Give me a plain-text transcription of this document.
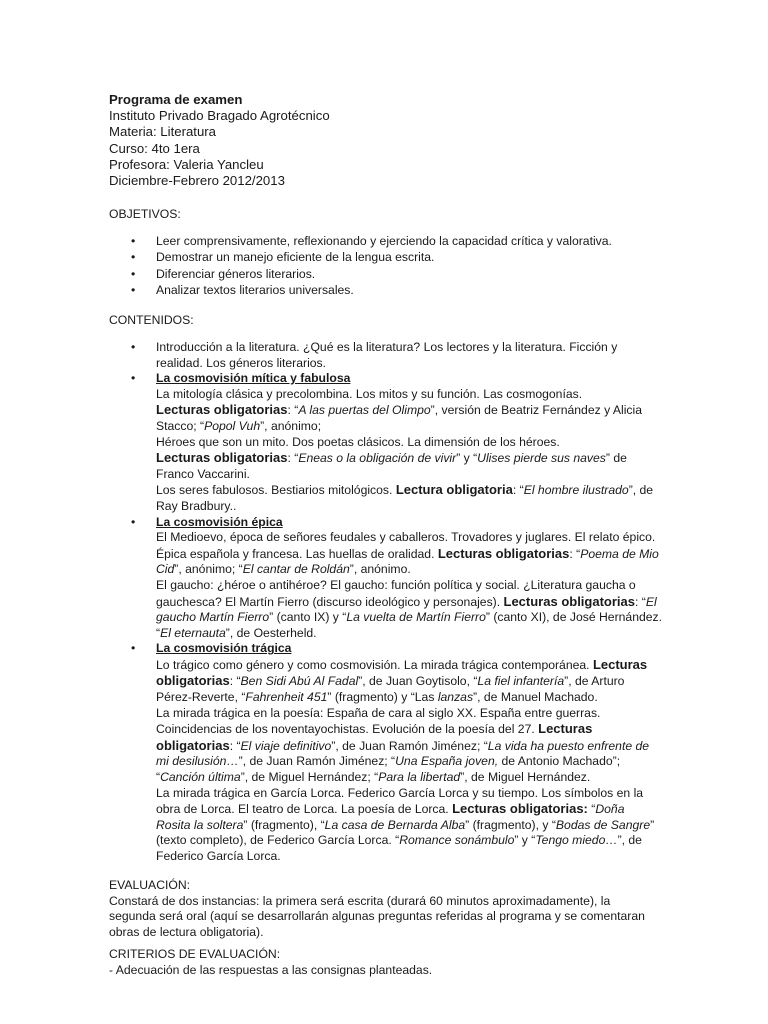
Programa de examen
Instituto Privado Bragado Agrotécnico
Materia: Literatura
Curso: 4to 1era
Profesora: Valeria Yancleu
Diciembre-Febrero 2012/2013
OBJETIVOS:
• Leer comprensivamente, reflexionando y ejerciendo la capacidad crítica y valorativa.
• Demostrar un manejo eficiente de la lengua escrita.
• Diferenciar géneros literarios.
• Analizar textos literarios universales.
CONTENIDOS:
• Introducción a la literatura. ¿Qué es la literatura? Los lectores y la literatura. Ficción y realidad. Los géneros literarios.
• La cosmovisión mítica y fabulosa
La mitología clásica y precolombina. Los mitos y su función. Las cosmogonías.
Lecturas obligatorias: “A las puertas del Olimpo”, versión de Beatriz Fernández y Alicia Stacco; “Popol Vuh”, anónimo;
Héroes que son un mito. Dos poetas clásicos. La dimensión de los héroes.
Lecturas obligatorias: “Eneas o la obligación de vivir” y “Ulises pierde sus naves” de Franco Vaccarini.
Los seres fabulosos. Bestiarios mitológicos. Lectura obligatoria: “El hombre ilustrado”, de Ray Bradbury..
• La cosmovisión épica
El Medioevo, época de señores feudales y caballeros. Trovadores y juglares. El relato épico. Épica española y francesa. Las huellas de oralidad. Lecturas obligatorias: “Poema de Mio Cid”, anónimo; “El cantar de Roldán”, anónimo.
El gaucho: ¿héroe o antihéroe? El gaucho: función política y social. ¿Literatura gaucha o gauchesca? El Martín Fierro (discurso ideológico y personajes). Lecturas obligatorias: “El gaucho Martín Fierro” (canto IX) y “La vuelta de Martín Fierro” (canto XI), de José Hernández. “El eternauta”, de Oesterheld.
• La cosmovisión trágica
Lo trágico como género y como cosmovisión. La mirada trágica contemporánea. Lecturas obligatorias: “Ben Sidi Abú Al Fadal”, de Juan Goytisolo, “La fiel infantería”, de Arturo Pérez-Reverte, “Fahrenheit 451” (fragmento) y “Las lanzas”, de Manuel Machado.
La mirada trágica en la poesía: España de cara al siglo XX. España entre guerras. Coincidencias de los noventayochistas. Evolución de la poesía del 27. Lecturas obligatorias: “El viaje definitivo”, de Juan Ramón Jiménez; “La vida ha puesto enfrente de mi desilusión…”, de Juan Ramón Jiménez; “Una España joven, de Antonio Machado”; “Canción última”, de Miguel Hernández; “Para la libertad”, de Miguel Hernández.
La mirada trágica en García Lorca. Federico García Lorca y su tiempo. Los símbolos en la obra de Lorca. El teatro de Lorca. La poesía de Lorca. Lecturas obligatorias: “Doña Rosita la soltera” (fragmento), “La casa de Bernarda Alba” (fragmento), y “Bodas de Sangre” (texto completo), de Federico García Lorca. “Romance sonámbulo” y “Tengo miedo…”, de Federico García Lorca.
EVALUACIÓN:
Constará de dos instancias: la primera será escrita (durará 60 minutos aproximadamente), la segunda será oral (aquí se desarrollarán algunas preguntas referidas al programa y se comentaran obras de lectura obligatoria).
CRITERIOS DE EVALUACIÓN:
- Adecuación de las respuestas a las consignas planteadas.
